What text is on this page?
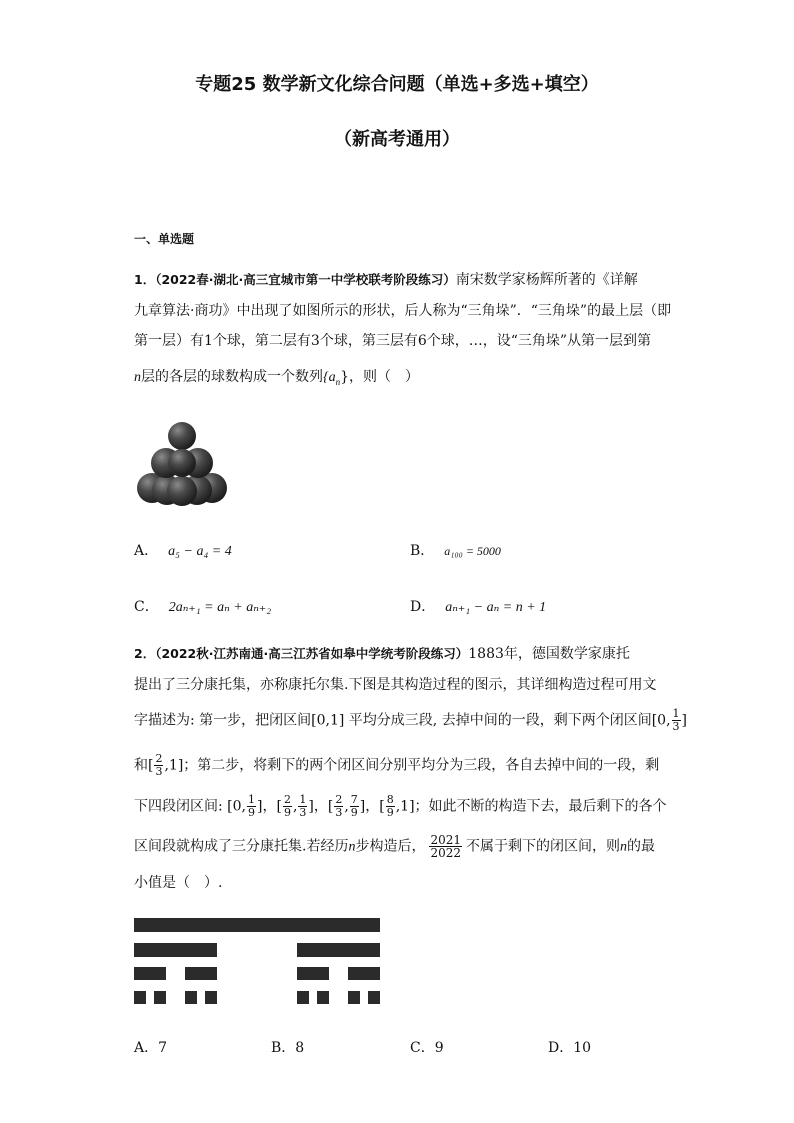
专题25 数学新文化综合问题（单选+多选+填空）
（新高考通用）
一、单选题
1．（2022春·湖北·高三宜城市第一中学校联考阶段练习）南宋数学家杨辉所著的《详解
九章算法·商功》中出现了如图所示的形状，后人称为“三角垛”．“三角垛”的最上层（即
第一层）有1个球，第二层有3个球，第三层有6个球，…，设“三角垛”从第一层到第
n层的各层的球数构成一个数列$\{a_n\}$，则（　）
A． a₅ − a₄ = 4	B． a₁₀₀ = 5000
C． 2aₙ₊₁ = aₙ + aₙ₊₂	D． aₙ₊₁ − aₙ = n + 1
2．（2022秋·江苏南通·高三江苏省如皋中学统考阶段练习）1883年，德国数学家康托
提出了三分康托集，亦称康托尔集.下图是其构造过程的图示，其详细构造过程可用文
字描述为: 第一步，把闭区间[0,1] 平均分成三段, 去掉中间的一段，剩下两个闭区间[0, $\frac{1}{3}$ ]
和[ $\frac{2}{3} ,1$]；第二步，将剩下的两个闭区间分别平均分为三段，各自去掉中间的一段，剩
下四段闭区间: [0, $\frac{1}{9}$ ]，[ $\frac{2}{9}$ , $\frac{1}{3}$ ]，[ $\frac{2}{3}$ , $\frac{7}{9}$ ]，[ $\frac{8}{9} ,1$]；如此不断的构造下去，最后剩下的各个
区间段就构成了三分康托集.若经历n步构造后， $\frac{2021}{2022}$ 不属于剩下的闭区间，则n的最
小值是（　）.
A．7	B．8	C．9	D．10
